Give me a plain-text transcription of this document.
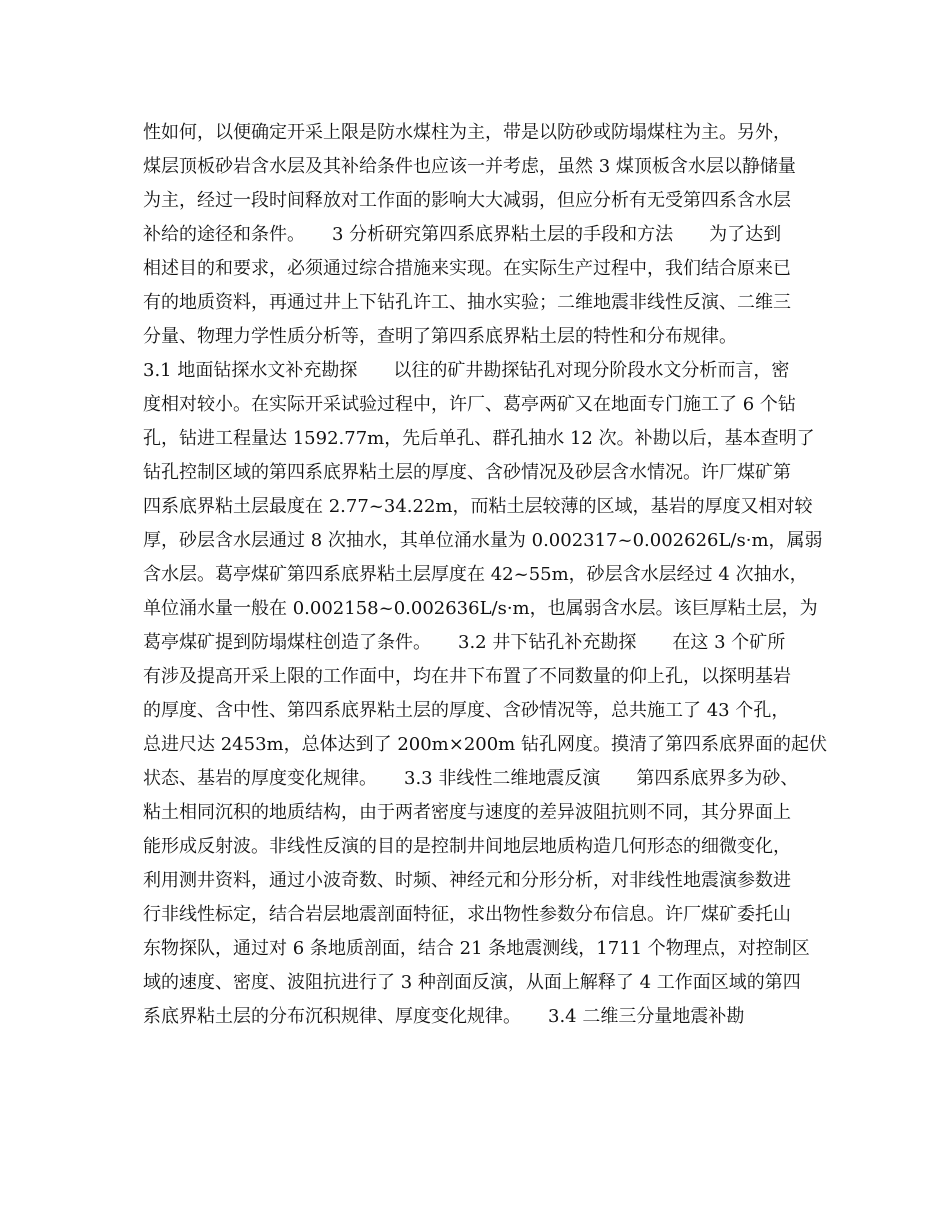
性如何，以便确定开采上限是防水煤柱为主，带是以防砂或防塌煤柱为主。另外，
煤层顶板砂岩含水层及其补给条件也应该一并考虑，虽然 3 煤顶板含水层以静储量
为主，经过一段时间释放对工作面的影响大大减弱，但应分析有无受第四系含水层
补给的途径和条件。　　3 分析研究第四系底界粘土层的手段和方法　　为了达到
相述目的和要求，必须通过综合措施来实现。在实际生产过程中，我们结合原来已
有的地质资料，再通过井上下钻孔许工、抽水实验；二维地震非线性反演、二维三
分量、物理力学性质分析等，查明了第四系底界粘土层的特性和分布规律。
3.1 地面钻探水文补充勘探　　以往的矿井勘探钻孔对现分阶段水文分析而言，密
度相对较小。在实际开采试验过程中，许厂、葛亭两矿又在地面专门施工了 6 个钻
孔，钻进工程量达 1592.77m，先后单孔、群孔抽水 12 次。补勘以后，基本查明了
钻孔控制区域的第四系底界粘土层的厚度、含砂情况及砂层含水情况。许厂煤矿第
四系底界粘土层最度在 2.77~34.22m，而粘土层较薄的区域，基岩的厚度又相对较
厚，砂层含水层通过 8 次抽水，其单位涌水量为 0.002317~0.002626L/s·m，属弱
含水层。葛亭煤矿第四系底界粘土层厚度在 42~55m，砂层含水层经过 4 次抽水，
单位涌水量一般在 0.002158~0.002636L/s·m，也属弱含水层。该巨厚粘土层，为
葛亭煤矿提到防塌煤柱创造了条件。　　3.2 井下钻孔补充勘探　　在这 3 个矿所
有涉及提高开采上限的工作面中，均在井下布置了不同数量的仰上孔，以探明基岩
的厚度、含中性、第四系底界粘土层的厚度、含砂情况等，总共施工了 43 个孔，
总进尺达 2453m，总体达到了 200m×200m 钻孔网度。摸清了第四系底界面的起伏
状态、基岩的厚度变化规律。　　3.3 非线性二维地震反演　　第四系底界多为砂、
粘土相同沉积的地质结构，由于两者密度与速度的差异波阻抗则不同，其分界面上
能形成反射波。非线性反演的目的是控制井间地层地质构造几何形态的细微变化，
利用测井资料，通过小波奇数、时频、神经元和分形分析，对非线性地震演参数进
行非线性标定，结合岩层地震剖面特征，求出物性参数分布信息。许厂煤矿委托山
东物探队，通过对 6 条地质剖面，结合 21 条地震测线，1711 个物理点，对控制区
域的速度、密度、波阻抗进行了 3 种剖面反演，从面上解释了 4 工作面区域的第四
系底界粘土层的分布沉积规律、厚度变化规律。　　3.4 二维三分量地震补勘
